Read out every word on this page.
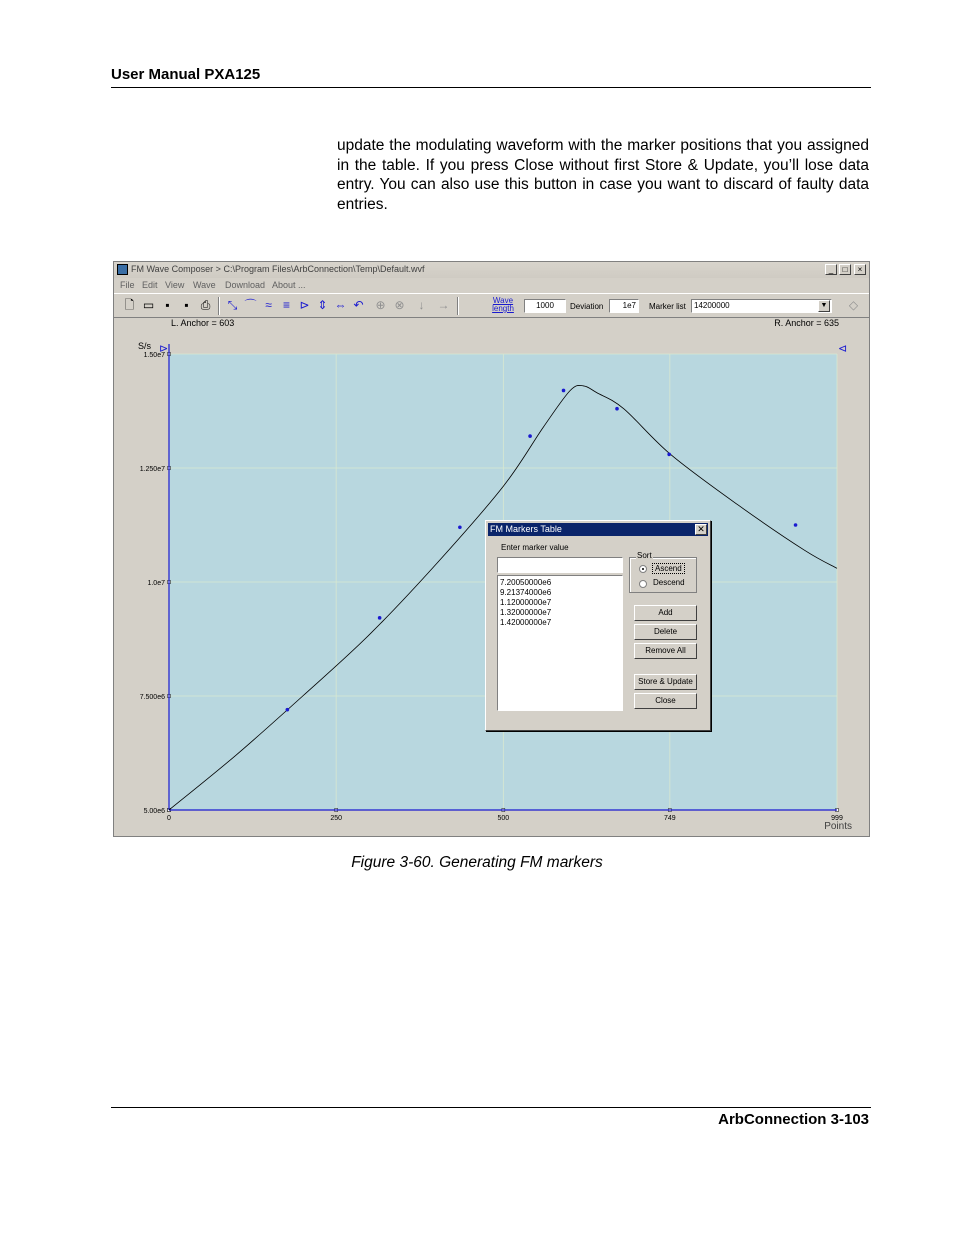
User Manual PXA125
update the modulating waveform with the marker positions that you assigned in the table. If you press Close without first Store & Update, you’ll lose data entry. You can also use this button in case you want to discard of faulty data entries.
FM Wave Composer > C:\Program Files\ArbConnection\Temp\Default.wvf	_	□	×
File Edit View Wave Download About ...
🗋 ▭ ▪	▪	⎙ ⤡ ⌒ ≈ ≡ ⊳ ⇕ ⇔ ↶ ⊕ ⊗	↓	→	Wave length	1000	Deviation	1e7	Marker list	14200000	▼ ◇
0	250	500	749	999
5.00e6
7.500e6
1.0e7
1.250e7
1.50e7
L. Anchor = 603	R. Anchor = 635
S/s
Points
⊳	⊲
FM Markers Table	✕
Enter marker value
7.20050000e6
9.21374000e6
1.12000000e7
1.32000000e7
1.42000000e7
Sort
Ascend
Descend
Add
Delete
Remove All
Store & Update
Close
Figure 3-60. Generating FM markers
ArbConnection 3-103
